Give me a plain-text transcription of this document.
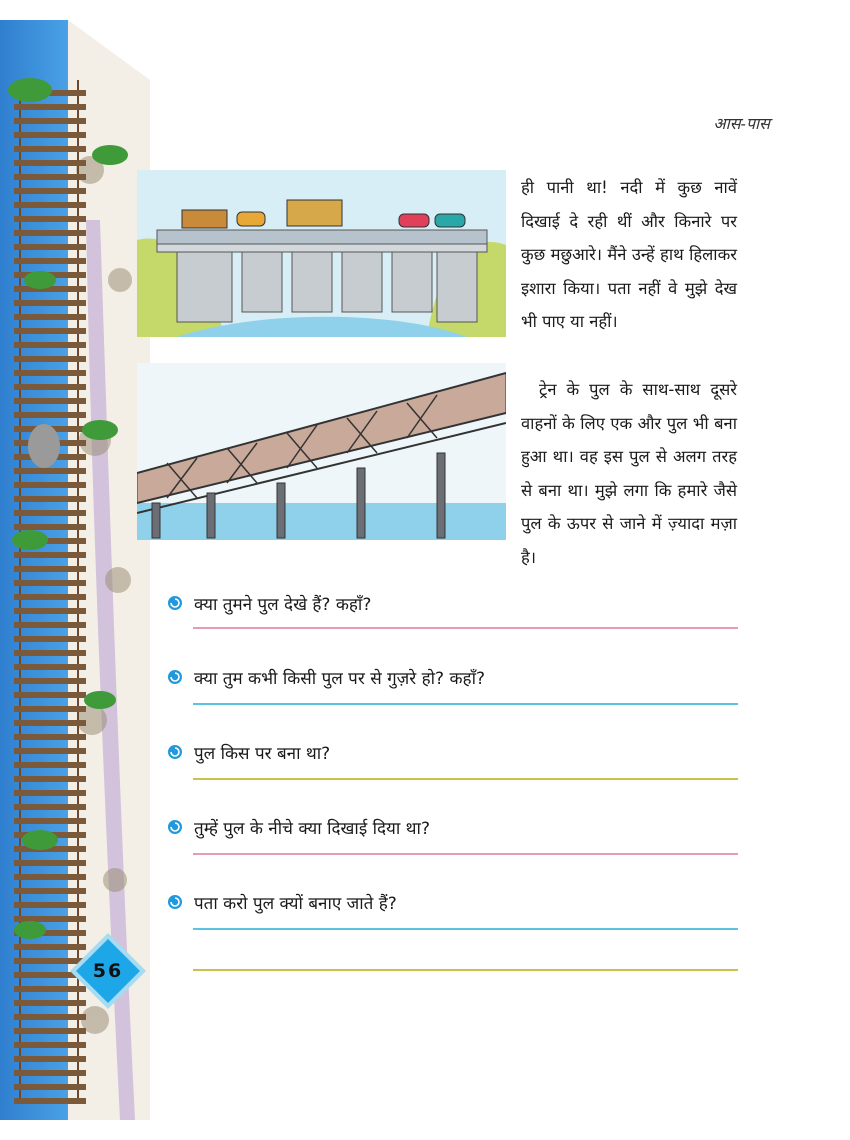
आस-पास

ही पानी था! नदी में कुछ नावें दिखाई दे रही थीं और किनारे पर कुछ मछुआरे। मैंने उन्हें हाथ हिलाकर इशारा किया। पता नहीं वे मुझे देख भी पाए या नहीं।

ट्रेन के पुल के साथ-साथ दूसरे वाहनों के लिए एक और पुल भी बना हुआ था। वह इस पुल से अलग तरह से बना था। मुझे लगा कि हमारे जैसे पुल के ऊपर से जाने में ज़्यादा मज़ा है।

क्या तुमने पुल देखे हैं? कहाँ?
क्या तुम कभी किसी पुल पर से गुज़रे हो? कहाँ?
पुल किस पर बना था?
तुम्हें पुल के नीचे क्या दिखाई दिया था?
पता करो पुल क्यों बनाए जाते हैं?
56
